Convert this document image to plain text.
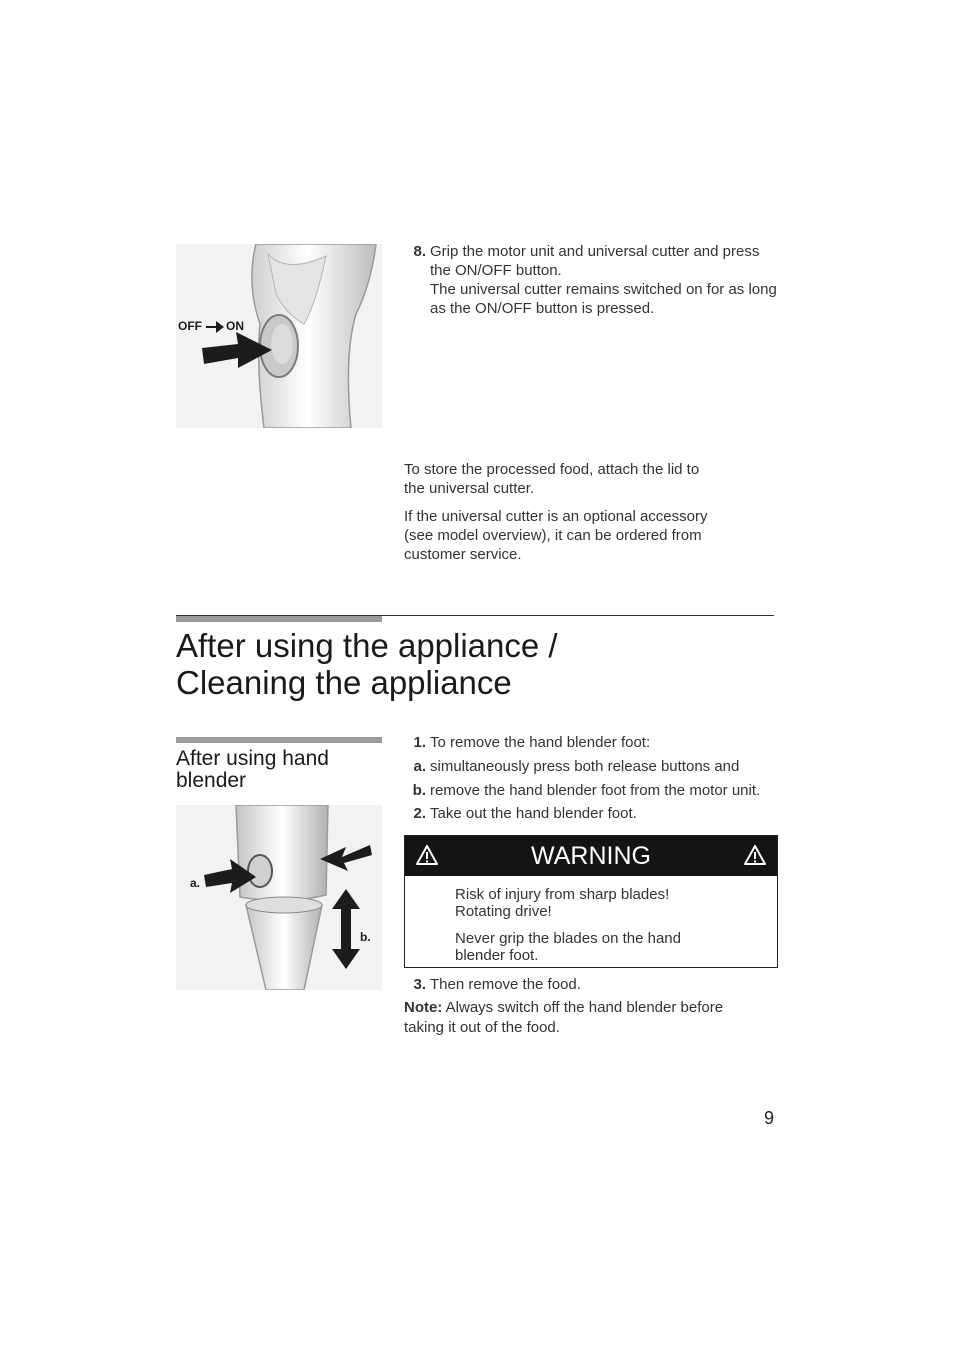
OFF ON
8. Grip the motor unit and universal cutter and press the ON/OFF button.
The universal cutter remains switched on for as long as the ON/OFF button is pressed.
To store the processed food, attach the lid to the universal cutter.
If the universal cutter is an optional accessory (see model overview), it can be ordered from customer service.
After using the appliance /
Cleaning the appliance
After using hand blender
a.
b.
1. To remove the hand blender foot:
a. simultaneously press both release buttons and
b. remove the hand blender foot from the motor unit.
2. Take out the hand blender foot.
WARNING
Risk of injury from sharp blades!
Rotating drive!
Never grip the blades on the hand blender foot.
3. Then remove the food.
Note: Always switch off the hand blender before taking it out of the food.
9
